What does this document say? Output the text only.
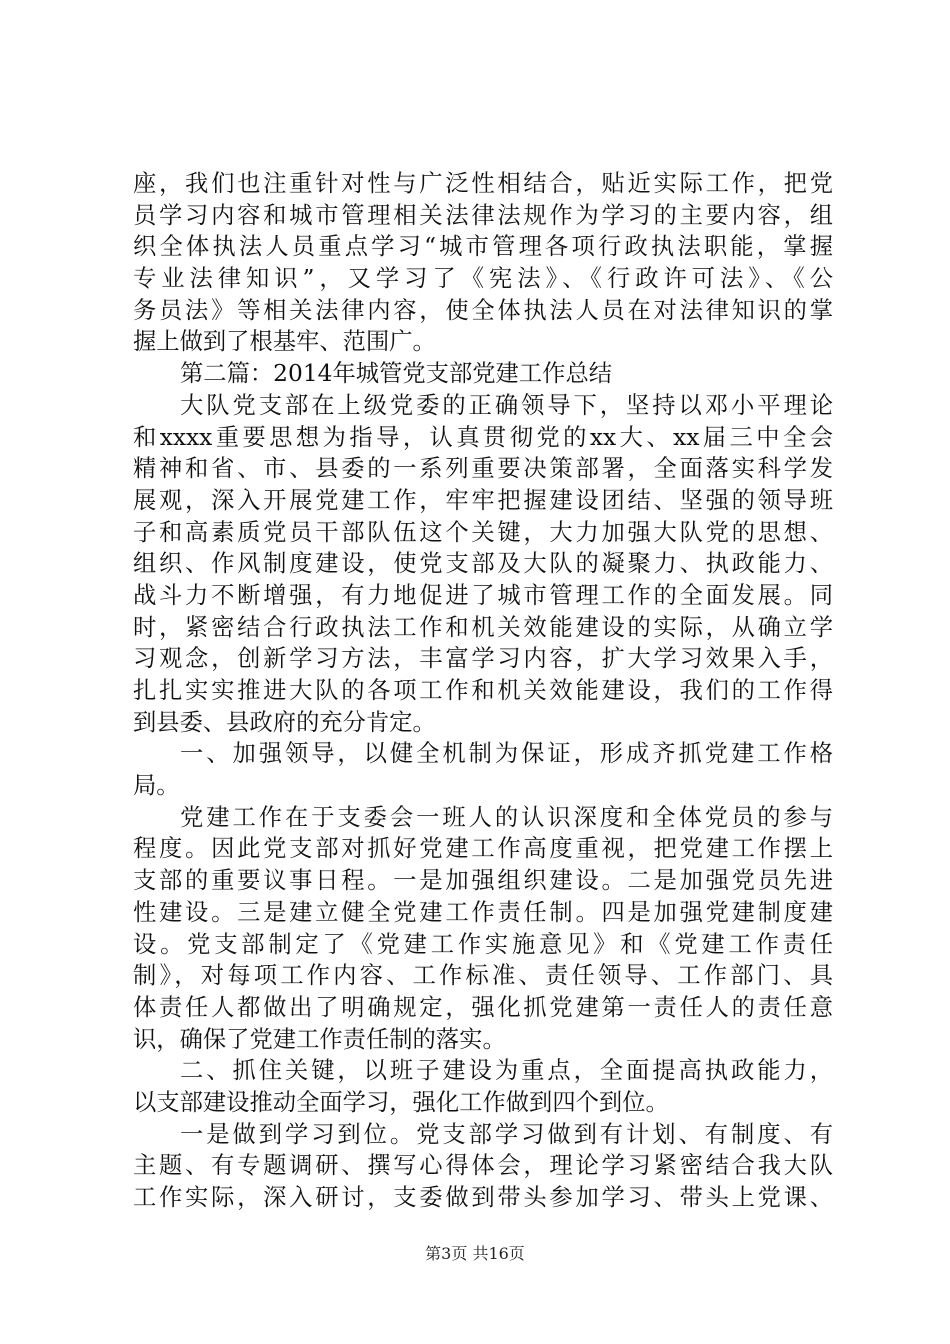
座，我们也注重针对性与广泛性相结合，贴近实际工作，把党
员学习内容和城市管理相关法律法规作为学习的主要内容，组
织全体执法人员重点学习“城市管理各项行政执法职能，掌握
专业法律知识”，又学习了《宪法》、《行政许可法》、《公
务员法》等相关法律内容，使全体执法人员在对法律知识的掌
握上做到了根基牢、范围广。
第二篇：2014年城管党支部党建工作总结
大队党支部在上级党委的正确领导下，坚持以邓小平理论
和xxxx重要思想为指导，认真贯彻党的xx大、xx届三中全会
精神和省、市、县委的一系列重要决策部署，全面落实科学发
展观，深入开展党建工作，牢牢把握建设团结、坚强的领导班
子和高素质党员干部队伍这个关键，大力加强大队党的思想、
组织、作风制度建设，使党支部及大队的凝聚力、执政能力、
战斗力不断增强，有力地促进了城市管理工作的全面发展。同
时，紧密结合行政执法工作和机关效能建设的实际，从确立学
习观念，创新学习方法，丰富学习内容，扩大学习效果入手，
扎扎实实推进大队的各项工作和机关效能建设，我们的工作得
到县委、县政府的充分肯定。
一、加强领导，以健全机制为保证，形成齐抓党建工作格
局。
党建工作在于支委会一班人的认识深度和全体党员的参与
程度。因此党支部对抓好党建工作高度重视，把党建工作摆上
支部的重要议事日程。一是加强组织建设。二是加强党员先进
性建设。三是建立健全党建工作责任制。四是加强党建制度建
设。党支部制定了《党建工作实施意见》和《党建工作责任
制》，对每项工作内容、工作标准、责任领导、工作部门、具
体责任人都做出了明确规定，强化抓党建第一责任人的责任意
识，确保了党建工作责任制的落实。
二、抓住关键，以班子建设为重点，全面提高执政能力，
以支部建设推动全面学习，强化工作做到四个到位。
一是做到学习到位。党支部学习做到有计划、有制度、有
主题、有专题调研、撰写心得体会，理论学习紧密结合我大队
工作实际，深入研讨，支委做到带头参加学习、带头上党课、
第3页 共16页
